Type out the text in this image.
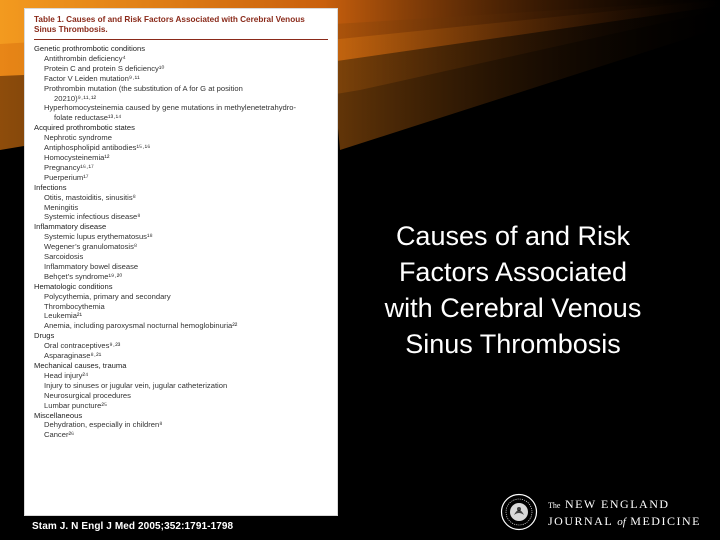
Table 1. Causes of and Risk Factors Associated with Cerebral Venous Sinus Thrombosis.
Genetic prothrombotic conditions
Antithrombin deficiency⁴
Protein C and protein S deficiency¹⁰
Factor V Leiden mutation⁹·¹¹
Prothrombin mutation (the substitution of A for G at position
20210)⁹·¹¹·¹²
Hyperhomocysteinemia caused by gene mutations in methylenetetrahydro-
folate reductase¹³·¹⁴
Acquired prothrombotic states
Nephrotic syndrome
Antiphospholipid antibodies¹⁵·¹⁶
Homocysteinemia¹²
Pregnancy¹⁶·¹⁷
Puerperium¹⁷
Infections
Otitis, mastoiditis, sinusitis⁸
Meningitis
Systemic infectious disease⁸
Inflammatory disease
Systemic lupus erythematosus¹⁸
Wegener’s granulomatosis⁸
Sarcoidosis
Inflammatory bowel disease
Behçet’s syndrome¹⁹·²⁰
Hematologic conditions
Polycythemia, primary and secondary
Thrombocythemia
Leukemia²¹
Anemia, including paroxysmal nocturnal hemoglobinuria²²
Drugs
Oral contraceptives⁹·²³
Asparaginase⁸·²¹
Mechanical causes, trauma
Head injury²⁴
Injury to sinuses or jugular vein, jugular catheterization
Neurosurgical procedures
Lumbar puncture²⁵
Miscellaneous
Dehydration, especially in children⁸
Cancer²⁶
Stam J. N Engl J Med 2005;352:1791-1798
Causes of and Risk
Factors Associated
with Cerebral Venous
Sinus Thrombosis
The NEW ENGLAND
JOURNAL of MEDICINE
